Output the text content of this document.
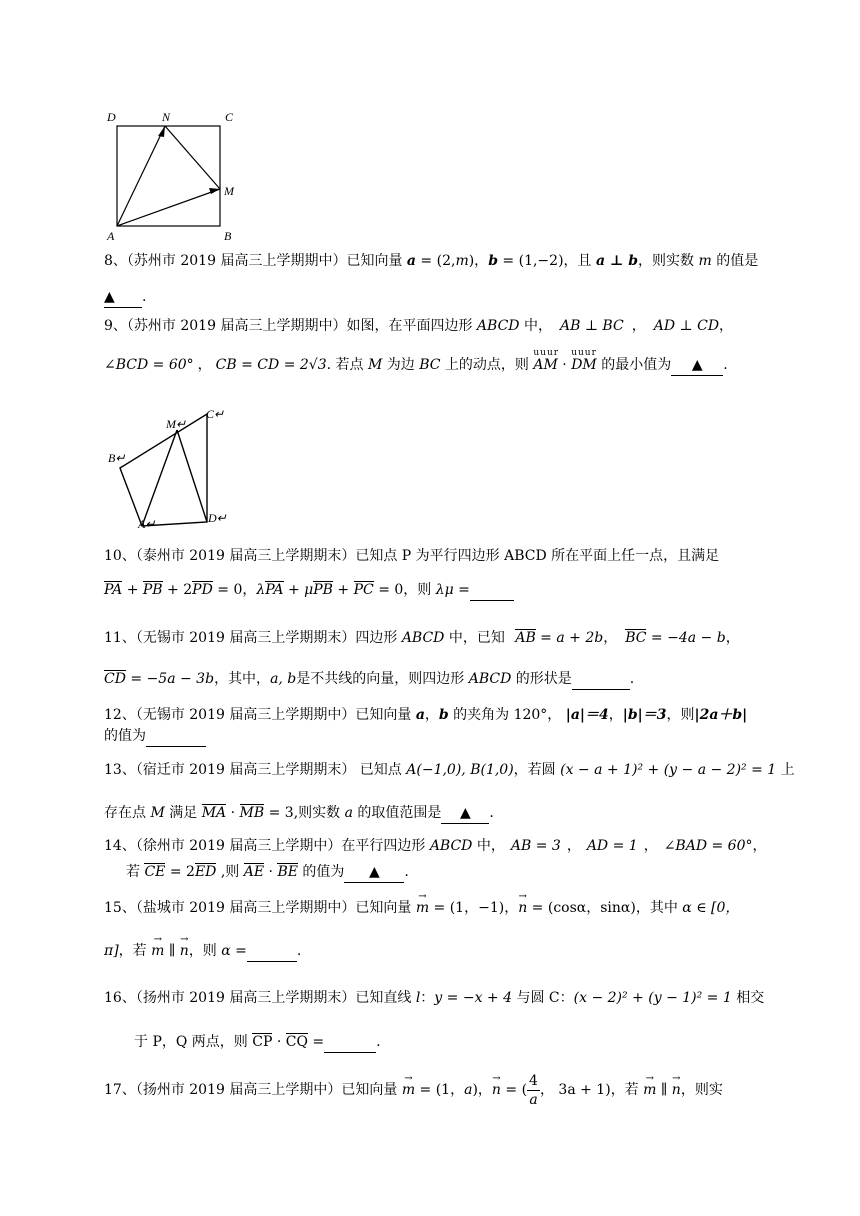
D	N	C
M
A	B
8、（苏州市 2019 届高三上学期期中）已知向量 a = (2,m)，b = (1,−2)，且 a ⊥ b，则实数 m 的值是
▲ .
9、（苏州市 2019 届高三上学期期中）如图，在平面四边形 ABCD 中， AB ⊥ BC ， AD ⊥ CD，
∠BCD = 60° ， CB = CD = 2√3. 若点 M 为边 BC 上的动点，则
uuur
AM ·
uuur
DM 的最小值为 ▲ .
C↵
M↵
B↵
A↵	D↵
10、（泰州市 2019 届高三上学期期末）已知点 P 为平行四边形 ABCD 所在平面上任一点，且满足
PA + PB + 2PD = 0，λPA + μPB + PC = 0，则 λμ =
11、（无锡市 2019 届高三上学期期末）四边形 ABCD 中，已知 AB = a + 2b， BC = −4a − b，
CD = −5a − 3b，其中，a, b是不共线的向量，则四边形 ABCD 的形状是	.
12、（无锡市 2019 届高三上学期期中）已知向量 a，b 的夹角为 120°， |a|＝4，|b|＝3，则|2a＋b|
的值为
13、（宿迁市 2019 届高三上学期期末） 已知点 A(−1,0), B(1,0)，若圆 (x − a + 1)² + (y − a − 2)² = 1 上
存在点 M 满足 MA · MB = 3,则实数 a 的取值范围是 ▲ .
14、（徐州市 2019 届高三上学期中）在平行四边形 ABCD 中， AB = 3 ， AD = 1 ， ∠BAD = 60°，
若 CE = 2ED ,则 AE · BE 的值为 ▲ .
15、（盐城市 2019 届高三上学期期中）已知向量 m → = (1，−1)，n → = (cosα，sinα)，其中 α ∈ [0，
π]，若 m → ∥ n →，则 α =	.
16、（扬州市 2019 届高三上学期期末）已知直线 l：y = −x + 4 与圆 C：(x − 2)² + (y − 1)² = 1 相交
于 P，Q 两点，则 CP · CQ =	.
17、（扬州市 2019 届高三上学期中）已知向量 m → = (1，a)，n → = ( $\frac{4}{a}$ ， 3a + 1)，若 m → ∥ n →，则实
